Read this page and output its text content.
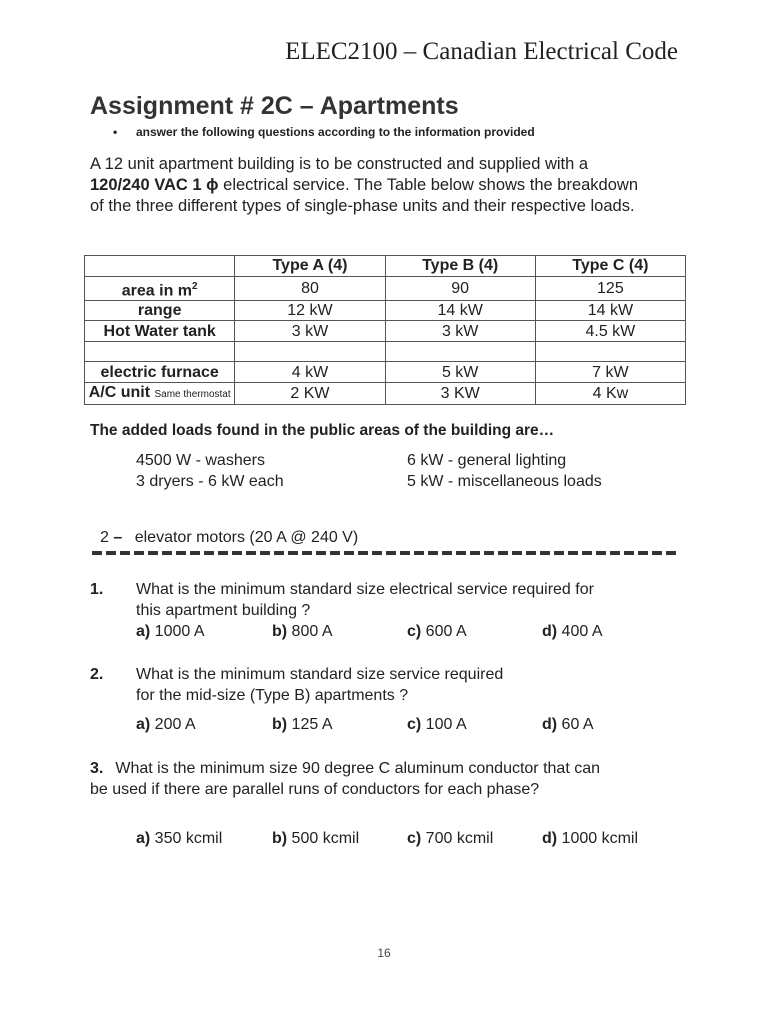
ELEC2100 – Canadian Electrical Code
Assignment # 2C – Apartments
• answer the following questions according to the information provided
A 12 unit apartment building is to be constructed and supplied with a
120/240 VAC 1 ϕ electrical service. The Table below shows the breakdown of the three different types of single-phase units and their respective loads.
	Type A (4)	Type B (4)	Type C (4)
area in $m^2$	80	90	125
range	12 kW	14 kW	14 kW
Hot Water tank	3 kW	3 kW	4.5 kW

electric furnace	4 kW	5 kW	7 kW
A/C unit Same thermostat	2 KW	3 KW	4 Kw
The added loads found in the public areas of the building are…
4500 W - washers
3 dryers - 6 kW each
6 kW - general lighting
5 kW - miscellaneous loads
2 – elevator motors (20 A @ 240 V)
1. What is the minimum standard size electrical service required for
this apartment building ?
a) 1000 A	b) 800 A	c) 600 A	d) 400 A
2. What is the minimum standard size service required
for the mid-size (Type B) apartments ?
a) 200 A	b) 125 A	c) 100 A	d) 60 A
3. What is the minimum size 90 degree C aluminum conductor that can
be used if there are parallel runs of conductors for each phase?
a) 350 kcmil	b) 500 kcmil	c) 700 kcmil	d) 1000 kcmil
16
